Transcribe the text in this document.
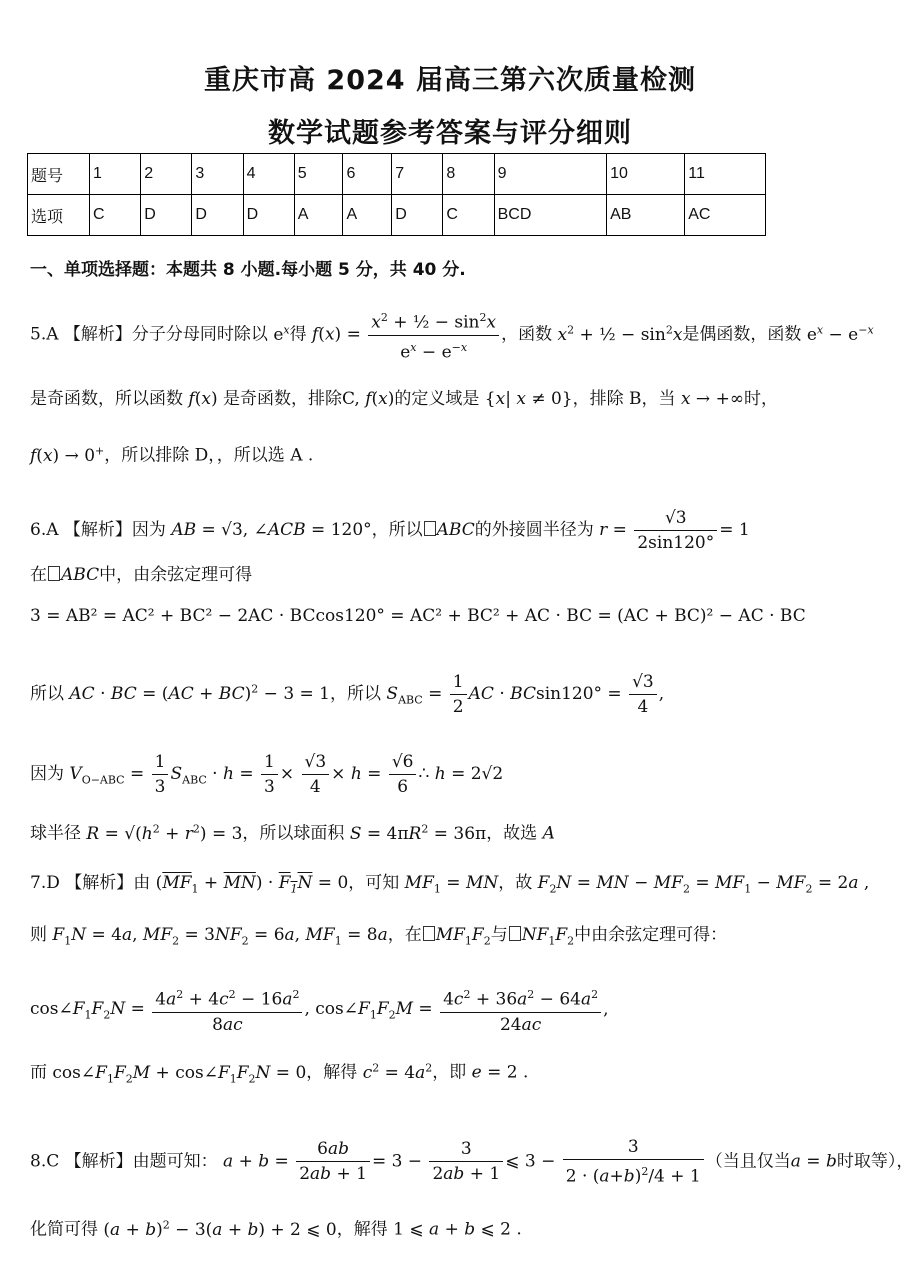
重庆市高 2024 届高三第六次质量检测
数学试题参考答案与评分细则
题号	1	2	3	4	5	6	7	8	9	10	11
选项	C	D	D	D	A	A	D	C	BCD	AB	AC
一、单项选择题：本题共 8 小题.每小题 5 分，共 40 分.
5.A 【解析】分子分母同时除以 $e^x$得 $f(x) = \frac{x^2 + \frac{1}{2} - \sin^2x}{e^x - e^{-x}}$ ，函数 $x^2$ + ½ − $\sin^2x$是偶函数，函数 $e^x - e^{-x}$
是奇函数，所以函数 f(x) 是奇函数，排除C, f(x)的定义域是 {x| x ≠ 0}，排除 B，当 x → +∞时，
f(x) → 0+，所以排除 D，，所以选 A .
6.A 【解析】因为 AB = √3, ∠ACB = 120°，所以 ABC的外接圆半径为 $r = \frac{√3}{2\sin 120^\circ} = 1$
在 ABC中，由余弦定理可得
3 = AB² = AC² + BC² − 2AC · BCcos120° = AC² + BC² + AC · BC = (AC + BC)² − AC · BC
所以 AC · BC = (AC + BC)$^2$ − 3 = 1，所以 $S_{ABC} = \frac{1}{2}$ AC · $BCsin120^\circ = \frac{√3}{4}$ ,
因为 $V_{O-ABC} = \frac{1}{3} S_{ABC} \cdot h = \frac{1}{3} \times \frac{√3}{4} \times h = \frac{√6}{6}$ ∴ h = 2√2
球半径 $R = √(h^2 + r^2) = 3$，所以球面积 $S = 4\pi R^2 = 36\pi$，故选 A
7.D 【解析】由 $(\overline{MF}_1 + \overline{MN}) \cdot F_1N = 0$，可知 $MF_1$ = MN，故 $F_2N$ = MN − $MF_2 = MF_1 - MF_2 = 2a$ ,
则 $F_1N = 4a$, $MF_2 = 3NF_2 = 6a$, $MF_1 = 8a$，在 $MF_1F_2$与 $NF_1F_2$中由余弦定理可得：
$\cos\angle F_1F_2N = \frac{4a^2 + 4c^2 - 16a^2}{8ac}$ , $\cos\angle F_1F_2M = \frac{4c^2 + 36a^2 - 64a^2}{24ac}$ ,
而 $\cos\angle F_1F_2M$ + $\cos\angle F_1F_2N = 0$，解得 $c^2 = 4a^2$，即 e = 2 .
8.C 【解析】由题可知： $a + b = \frac{6ab}{2ab + 1} = 3 - \frac{3}{2ab + 1}$ ⩽ $3 - \frac{3}{2 \cdot (a+b)^2/4 + 1}$ （当且仅当a = b时取等），
化简可得 $(a + b)^2 - 3(a + b) + 2$ ⩽ 0，解得 1 ⩽ a + b ⩽ 2 .
